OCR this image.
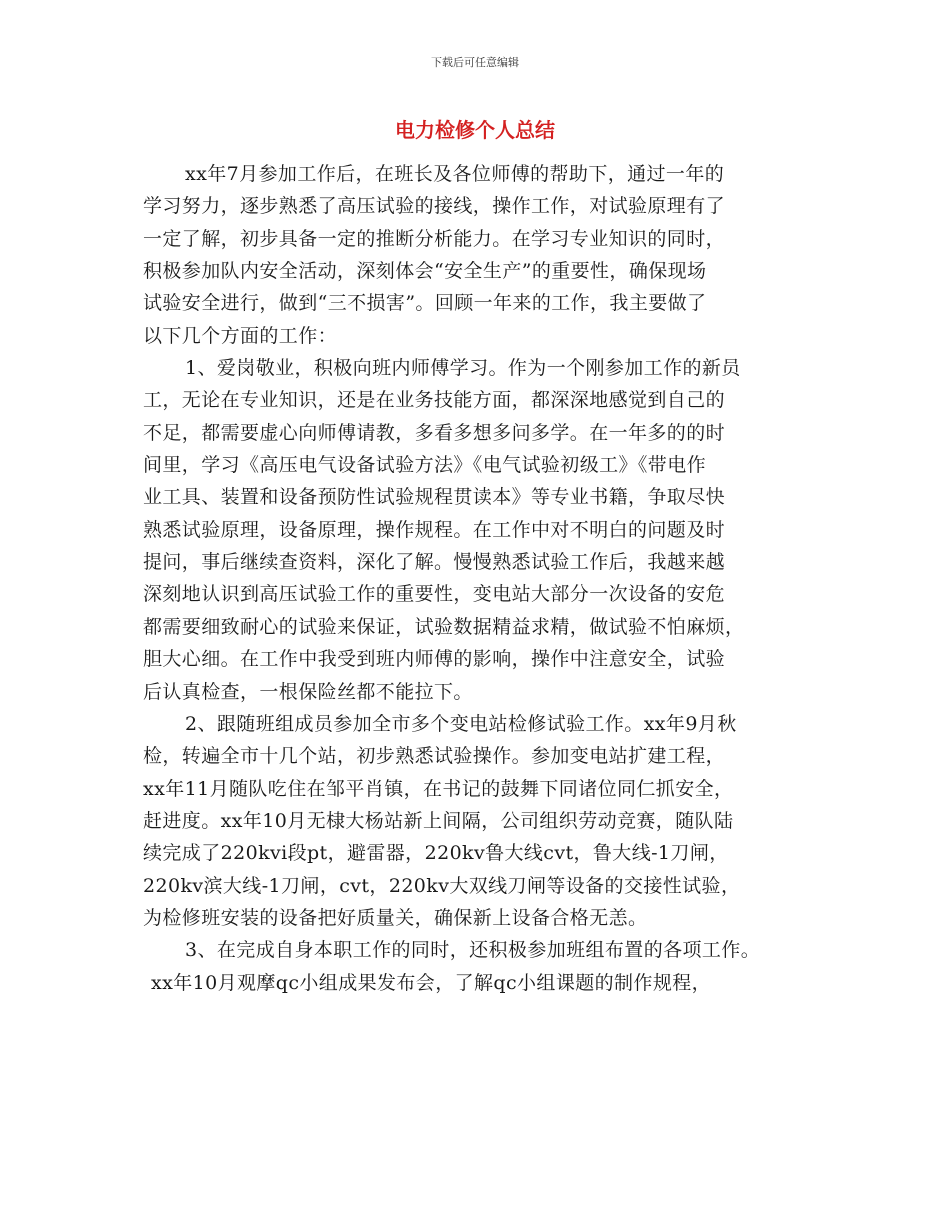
下载后可任意编辑
电力检修个人总结
xx年7月参加工作后，在班长及各位师傅的帮助下，通过一年的
学习努力，逐步熟悉了高压试验的接线，操作工作，对试验原理有了
一定了解，初步具备一定的推断分析能力。在学习专业知识的同时，
积极参加队内安全活动，深刻体会“安全生产”的重要性，确保现场
试验安全进行，做到“三不损害”。回顾一年来的工作，我主要做了
以下几个方面的工作：
1、爱岗敬业，积极向班内师傅学习。作为一个刚参加工作的新员
工，无论在专业知识，还是在业务技能方面，都深深地感觉到自己的
不足，都需要虚心向师傅请教，多看多想多问多学。在一年多的的时
间里，学习《高压电气设备试验方法》《电气试验初级工》《带电作
业工具、装置和设备预防性试验规程贯读本》等专业书籍，争取尽快
熟悉试验原理，设备原理，操作规程。在工作中对不明白的问题及时
提问，事后继续查资料，深化了解。慢慢熟悉试验工作后，我越来越
深刻地认识到高压试验工作的重要性，变电站大部分一次设备的安危
都需要细致耐心的试验来保证，试验数据精益求精，做试验不怕麻烦，
胆大心细。在工作中我受到班内师傅的影响，操作中注意安全，试验
后认真检查，一根保险丝都不能拉下。
2、跟随班组成员参加全市多个变电站检修试验工作。xx年9月秋
检，转遍全市十几个站，初步熟悉试验操作。参加变电站扩建工程，
xx年11月随队吃住在邹平肖镇，在书记的鼓舞下同诸位同仁抓安全，
赶进度。xx年10月无棣大杨站新上间隔，公司组织劳动竞赛，随队陆
续完成了220kvⅰ段pt，避雷器，220kv鲁大线cvt，鲁大线-1刀闸，
220kv滨大线-1刀闸，cvt，220kv大双线刀闸等设备的交接性试验，
为检修班安装的设备把好质量关，确保新上设备合格无恙。
3、在完成自身本职工作的同时，还积极参加班组布置的各项工作。
xx年10月观摩qc小组成果发布会，了解qc小组课题的制作规程，
